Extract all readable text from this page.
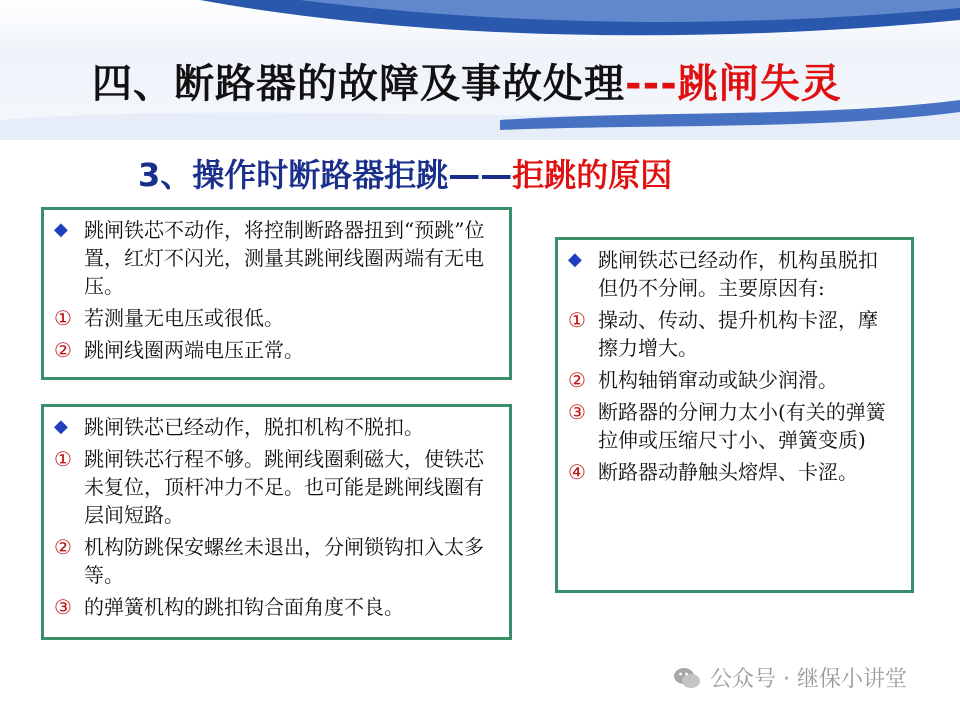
四、断路器的故障及事故处理---跳闸失灵
3、操作时断路器拒跳——拒跳的原因
◆ 跳闸铁芯不动作，将控制断路器扭到“预跳”位置，红灯不闪光，测量其跳闸线圈两端有无电压。
① 若测量无电压或很低。
② 跳闸线圈两端电压正常。
◆ 跳闸铁芯已经动作，脱扣机构不脱扣。
① 跳闸铁芯行程不够。跳闸线圈剩磁大，使铁芯未复位，顶杆冲力不足。也可能是跳闸线圈有层间短路。
② 机构防跳保安螺丝未退出，分闸锁钩扣入太多等。
③ 的弹簧机构的跳扣钩合面角度不良。
◆ 跳闸铁芯已经动作，机构虽脱扣但仍不分闸。主要原因有:
① 操动、传动、提升机构卡涩，摩擦力增大。
② 机构轴销窜动或缺少润滑。
③ 断路器的分闸力太小(有关的弹簧拉伸或压缩尺寸小、弹簧变质)
④ 断路器动静触头熔焊、卡涩。
公众号 · 继保小讲堂
